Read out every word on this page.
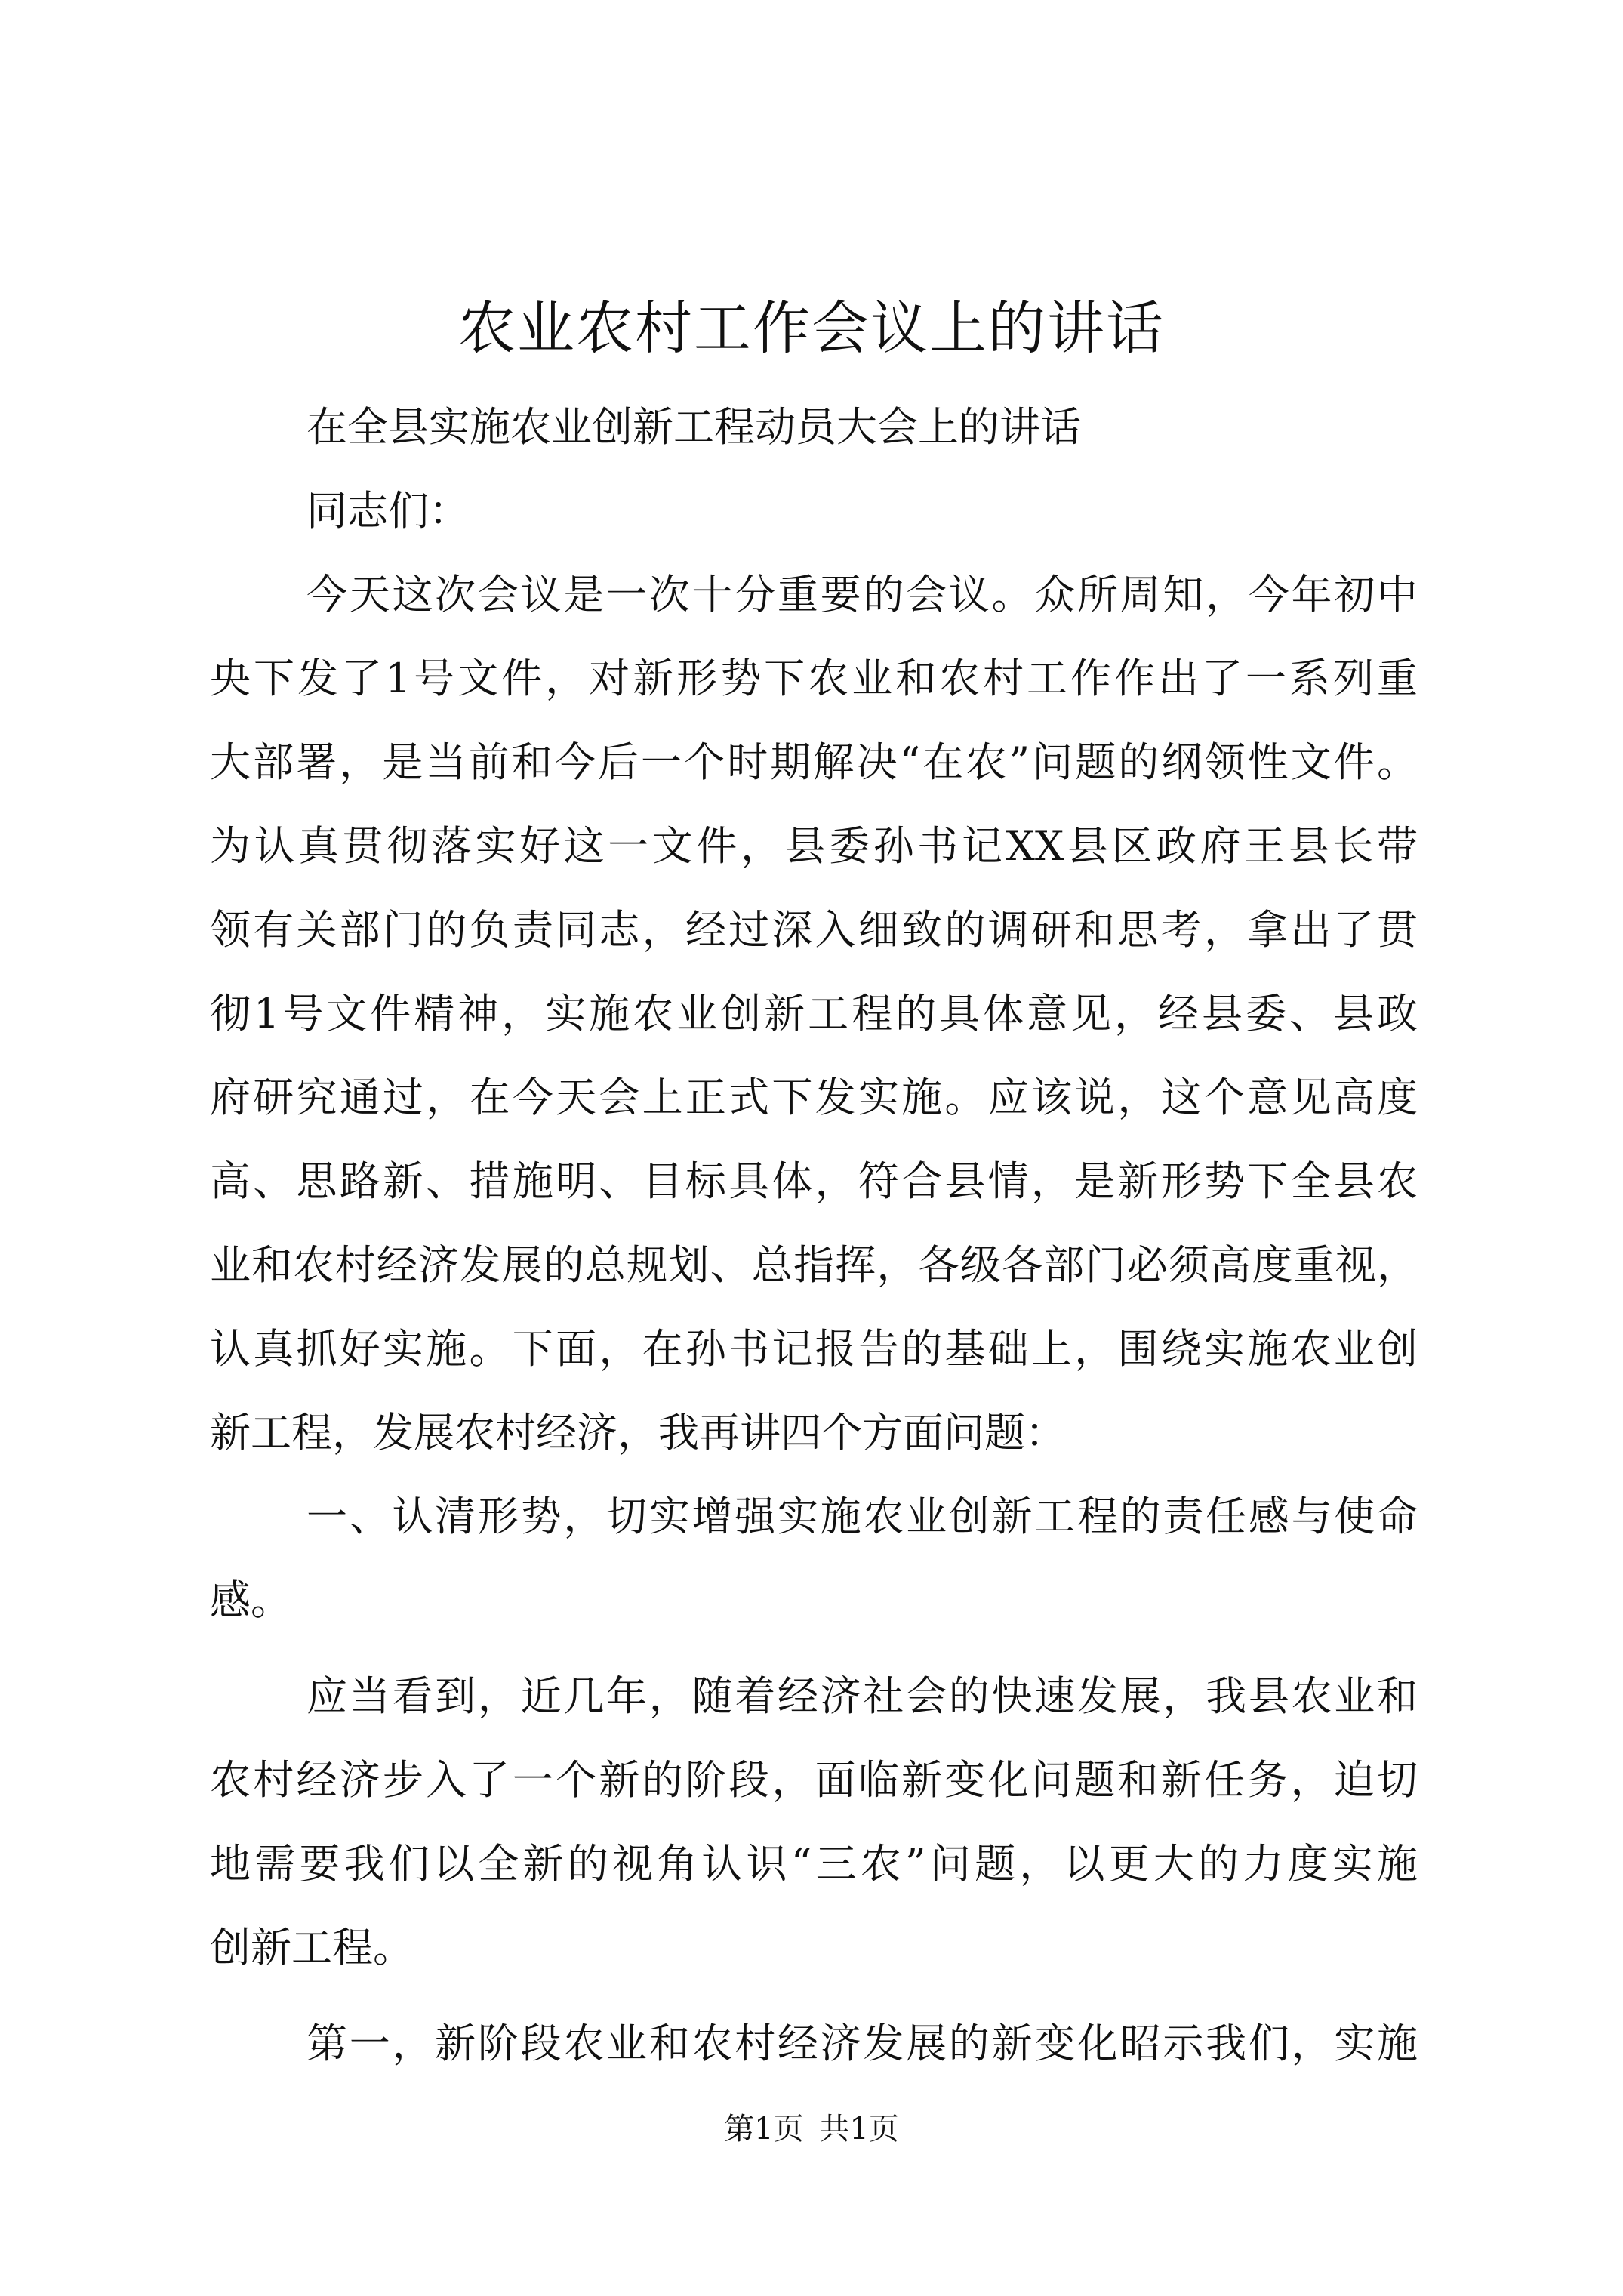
农业农村工作会议上的讲话
在全县实施农业创新工程动员大会上的讲话
同志们：
今天这次会议是一次十分重要的会议。众所周知，今年初中
央下发了1号文件，对新形势下农业和农村工作作出了一系列重
大部署，是当前和今后一个时期解决“在农”问题的纲领性文件。
为认真贯彻落实好这一文件，县委孙书记XX县区政府王县长带
领有关部门的负责同志，经过深入细致的调研和思考，拿出了贯
彻1号文件精神，实施农业创新工程的具体意见，经县委、县政
府研究通过，在今天会上正式下发实施。应该说，这个意见高度
高、思路新、措施明、目标具体，符合县情，是新形势下全县农
业和农村经济发展的总规划、总指挥，各级各部门必须高度重视，
认真抓好实施。下面，在孙书记报告的基础上，围绕实施农业创
新工程，发展农村经济，我再讲四个方面问题：
一、认清形势，切实增强实施农业创新工程的责任感与使命
感。
应当看到，近几年，随着经济社会的快速发展，我县农业和
农村经济步入了一个新的阶段，面临新变化问题和新任务，迫切
地需要我们以全新的视角认识“三农”问题，以更大的力度实施
创新工程。
第一，新阶段农业和农村经济发展的新变化昭示我们，实施
第1页 共1页
